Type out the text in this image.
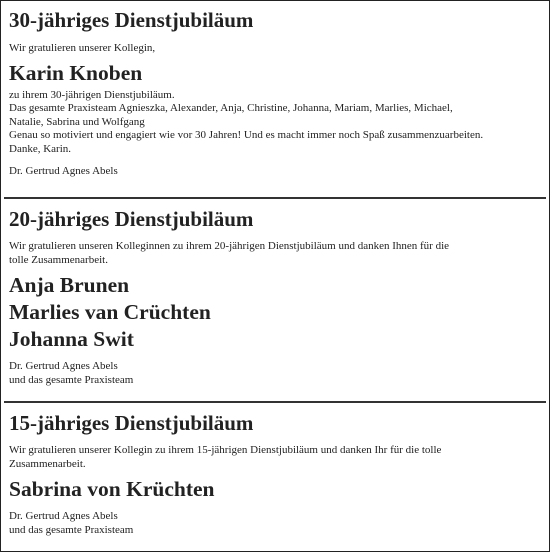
30-jähriges Dienstjubiläum

Wir gratulieren unserer Kollegin,

Karin Knoben

zu ihrem 30-jährigen Dienstjubiläum.

Das gesamte Praxisteam Agnieszka, Alexander, Anja, Christine, Johanna, Mariam, Marlies, Michael,

Natalie, Sabrina und Wolfgang

Genau so motiviert und engagiert wie vor 30 Jahren! Und es macht immer noch Spaß zusammenzuarbeiten.

Danke, Karin.

Dr. Gertrud Agnes Abels

20-jähriges Dienstjubiläum

Wir gratulieren unseren Kolleginnen zu ihrem 20-jährigen Dienstjubiläum und danken Ihnen für die

tolle Zusammenarbeit.

Anja Brunen

Marlies van Crüchten

Johanna Swit

Dr. Gertrud Agnes Abels

und das gesamte Praxisteam

15-jähriges Dienstjubiläum

Wir gratulieren unserer Kollegin zu ihrem 15-jährigen Dienstjubiläum und danken Ihr für die tolle

Zusammenarbeit.

Sabrina von Krüchten

Dr. Gertrud Agnes Abels

und das gesamte Praxisteam
